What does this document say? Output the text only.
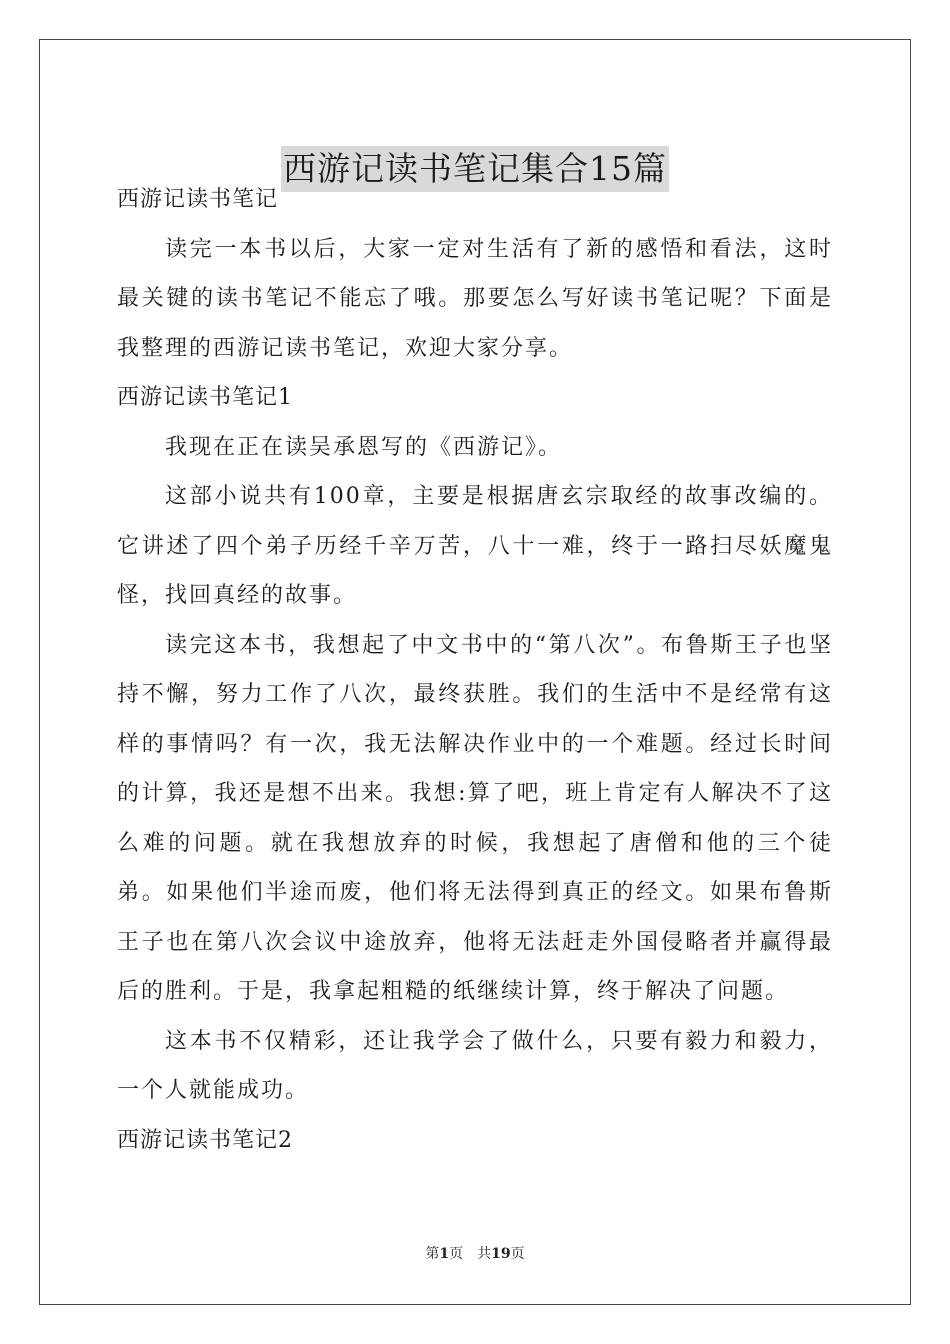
西游记读书笔记集合15篇

西游记读书笔记

读完一本书以后，大家一定对生活有了新的感悟和看法，这时最关键的读书笔记不能忘了哦。那要怎么写好读书笔记呢？下面是我整理的西游记读书笔记，欢迎大家分享。

西游记读书笔记1

我现在正在读吴承恩写的《西游记》。

这部小说共有100章，主要是根据唐玄宗取经的故事改编的。它讲述了四个弟子历经千辛万苦，八十一难，终于一路扫尽妖魔鬼怪，找回真经的故事。

读完这本书，我想起了中文书中的“第八次”。布鲁斯王子也坚持不懈，努力工作了八次，最终获胜。我们的生活中不是经常有这样的事情吗？有一次，我无法解决作业中的一个难题。经过长时间的计算，我还是想不出来。我想:算了吧，班上肯定有人解决不了这么难的问题。就在我想放弃的时候，我想起了唐僧和他的三个徒弟。如果他们半途而废，他们将无法得到真正的经文。如果布鲁斯王子也在第八次会议中途放弃，他将无法赶走外国侵略者并赢得最后的胜利。于是，我拿起粗糙的纸继续计算，终于解决了问题。

这本书不仅精彩，还让我学会了做什么，只要有毅力和毅力，一个人就能成功。

西游记读书笔记2

第1页 共19页
